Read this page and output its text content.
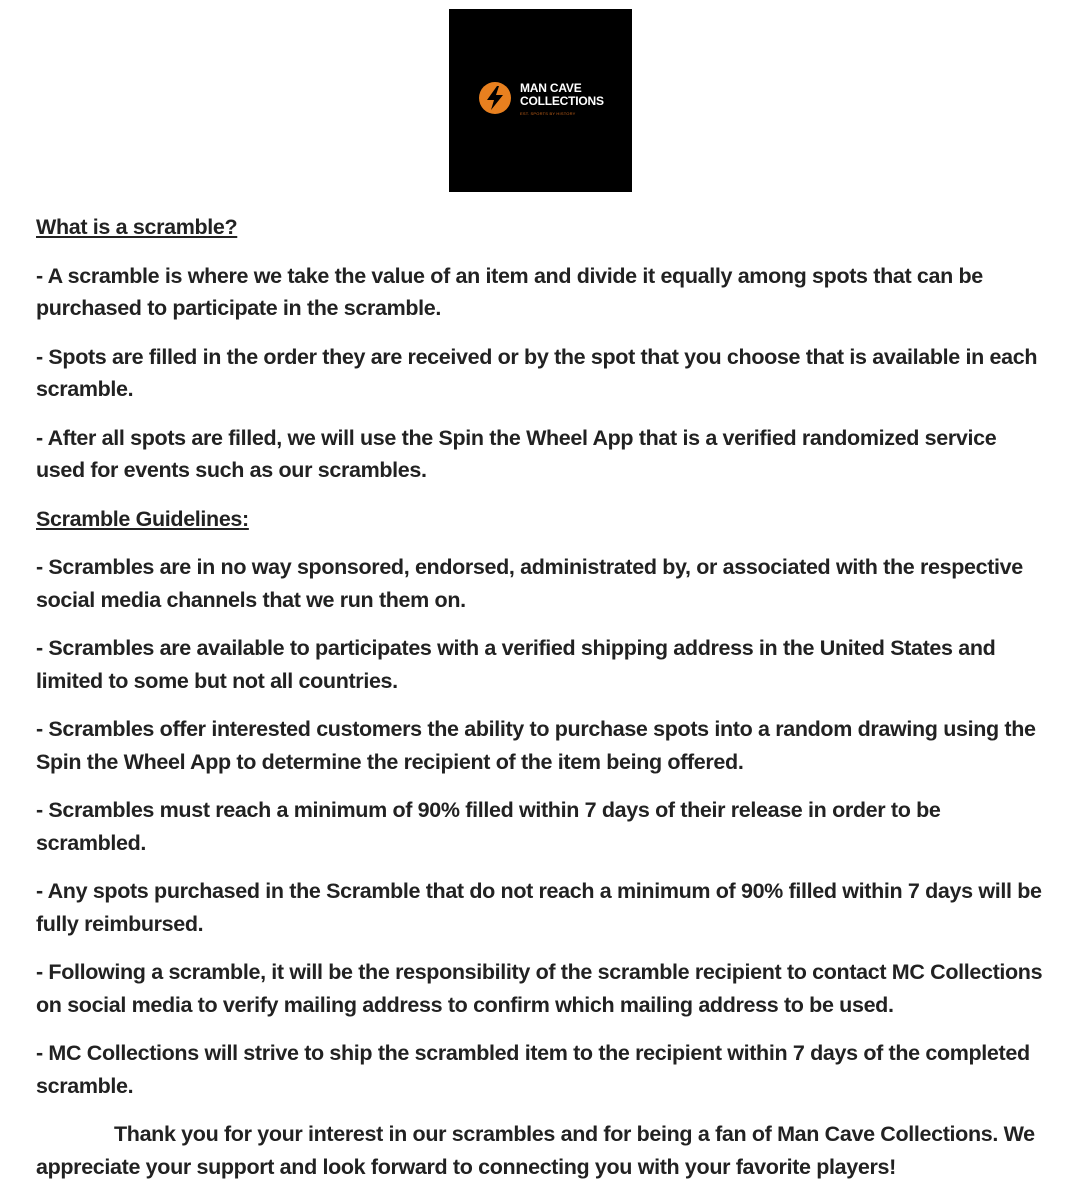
MAN CAVE
COLLECTIONS
EST. SPORTS BY HISTORY
What is a scramble?
- A scramble is where we take the value of an item and divide it equally among spots that can be purchased to participate in the scramble.
- Spots are filled in the order they are received or by the spot that you choose that is available in each scramble.
- After all spots are filled, we will use the Spin the Wheel App that is a verified randomized service used for events such as our scrambles.
Scramble Guidelines:
- Scrambles are in no way sponsored, endorsed, administrated by, or associated with the respective social media channels that we run them on.
- Scrambles are available to participates with a verified shipping address in the United States and limited to some but not all countries.
- Scrambles offer interested customers the ability to purchase spots into a random drawing using the Spin the Wheel App to determine the recipient of the item being offered.
- Scrambles must reach a minimum of 90% filled within 7 days of their release in order to be scrambled.
- Any spots purchased in the Scramble that do not reach a minimum of 90% filled within 7 days will be fully reimbursed.
- Following a scramble, it will be the responsibility of the scramble recipient to contact MC Collections on social media to verify mailing address to confirm which mailing address to be used.
- MC Collections will strive to ship the scrambled item to the recipient within 7 days of the completed scramble.
Thank you for your interest in our scrambles and for being a fan of Man Cave Collections. We appreciate your support and look forward to connecting you with your favorite players!
